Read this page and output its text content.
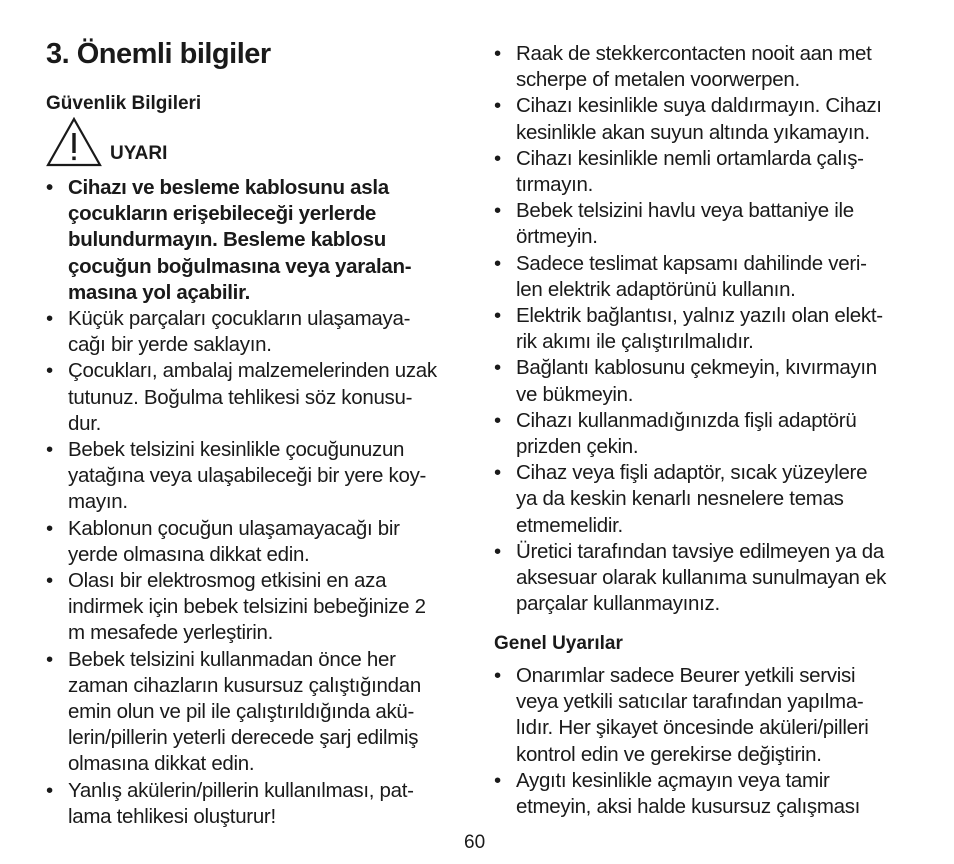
3. Önemli bilgiler
Güvenlik Bilgileri
UYARI
• Cihazı ve besleme kablosunu asla
çocukların erişebileceği yerlerde
bulundurmayın. Besleme kablosu
çocuğun boğulmasına veya yaralan-
masına yol açabilir.
• Küçük parçaları çocukların ulaşamaya-
cağı bir yerde saklayın.
• Çocukları, ambalaj malzemelerinden uzak
tutunuz. Boğulma tehlikesi söz konusu-
dur.
• Bebek telsizini kesinlikle çocuğunuzun
yatağına veya ulaşabileceği bir yere koy-
mayın.
• Kablonun çocuğun ulaşamayacağı bir
yerde olmasına dikkat edin.
• Olası bir elektrosmog etkisini en aza
indirmek için bebek telsizini bebeğinize 2
m mesafede yerleştirin.
• Bebek telsizini kullanmadan önce her
zaman cihazların kusursuz çalıştığından
emin olun ve pil ile çalıştırıldığında akü-
lerin/pillerin yeterli derecede şarj edilmiş
olmasına dikkat edin.
• Yanlış akülerin/pillerin kullanılması, pat-
lama tehlikesi oluşturur!
• Raak de stekkercontacten nooit aan met
scherpe of metalen voorwerpen.
• Cihazı kesinlikle suya daldırmayın. Cihazı
kesinlikle akan suyun altında yıkamayın.
• Cihazı kesinlikle nemli ortamlarda çalış-
tırmayın.
• Bebek telsizini havlu veya battaniye ile
örtmeyin.
• Sadece teslimat kapsamı dahilinde veri-
len elektrik adaptörünü kullanın.
• Elektrik bağlantısı, yalnız yazılı olan elekt-
rik akımı ile çalıştırılmalıdır.
• Bağlantı kablosunu çekmeyin, kıvırmayın
ve bükmeyin.
• Cihazı kullanmadığınızda fişli adaptörü
prizden çekin.
• Cihaz veya fişli adaptör, sıcak yüzeylere
ya da keskin kenarlı nesnelere temas
etmemelidir.
• Üretici tarafından tavsiye edilmeyen ya da
aksesuar olarak kullanıma sunulmayan ek
parçalar kullanmayınız.
Genel Uyarılar
• Onarımlar sadece Beurer yetkili servisi
veya yetkili satıcılar tarafından yapılma-
lıdır. Her şikayet öncesinde aküleri/pilleri
kontrol edin ve gerekirse değiştirin.
• Aygıtı kesinlikle açmayın veya tamir
etmeyin, aksi halde kusursuz çalışması
60
